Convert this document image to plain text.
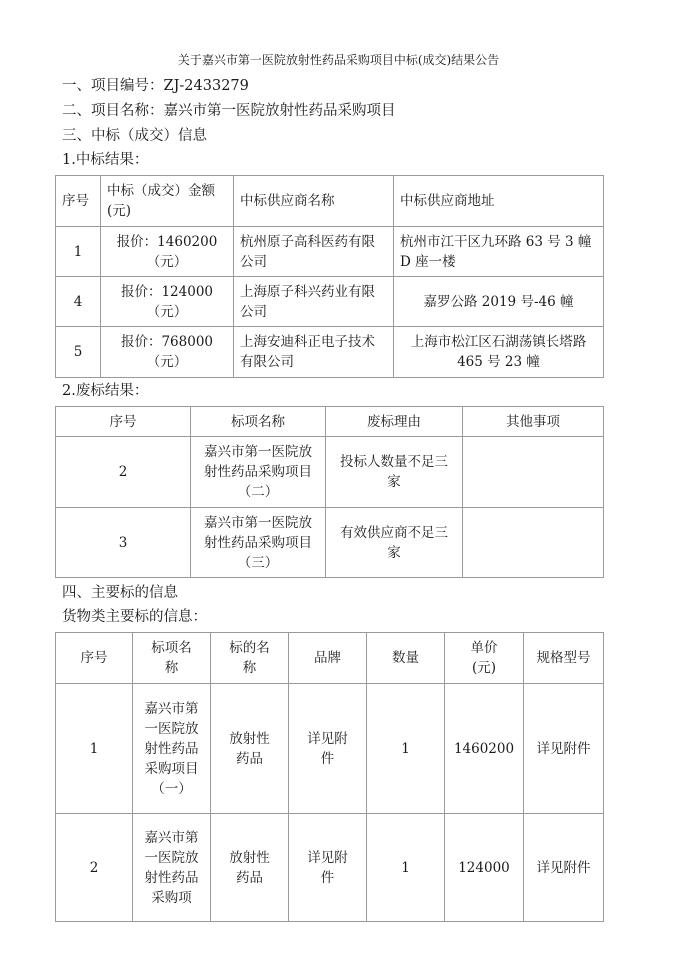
关于嘉兴市第一医院放射性药品采购项目中标(成交)结果公告
一、项目编号：ZJ-2433279
二、项目名称：嘉兴市第一医院放射性药品采购项目
三、中标（成交）信息
1.中标结果：
序号	中标（成交）金额(元)	中标供应商名称	中标供应商地址
1	报价：1460200（元）	杭州原子高科医药有限公司	杭州市江干区九环路 63 号 3 幢 D 座一楼
4	报价：124000（元）	上海原子科兴药业有限公司	嘉罗公路 2019 号-46 幢
5	报价：768000（元）	上海安迪科正电子技术有限公司	上海市松江区石湖荡镇长塔路 465 号 23 幢
2.废标结果：
序号	标项名称	废标理由	其他事项
2	嘉兴市第一医院放射性药品采购项目（二）	投标人数量不足三家	
3	嘉兴市第一医院放射性药品采购项目（三）	有效供应商不足三家	
四、主要标的信息
货物类主要标的信息：
序号	标项名称	标的名称	品牌	数量	单价(元)	规格型号
1	嘉兴市第一医院放射性药品采购项目（一）	放射性药品	详见附件	1	1460200	详见附件
2	嘉兴市第一医院放射性药品采购项	放射性药品	详见附件	1	124000	详见附件
